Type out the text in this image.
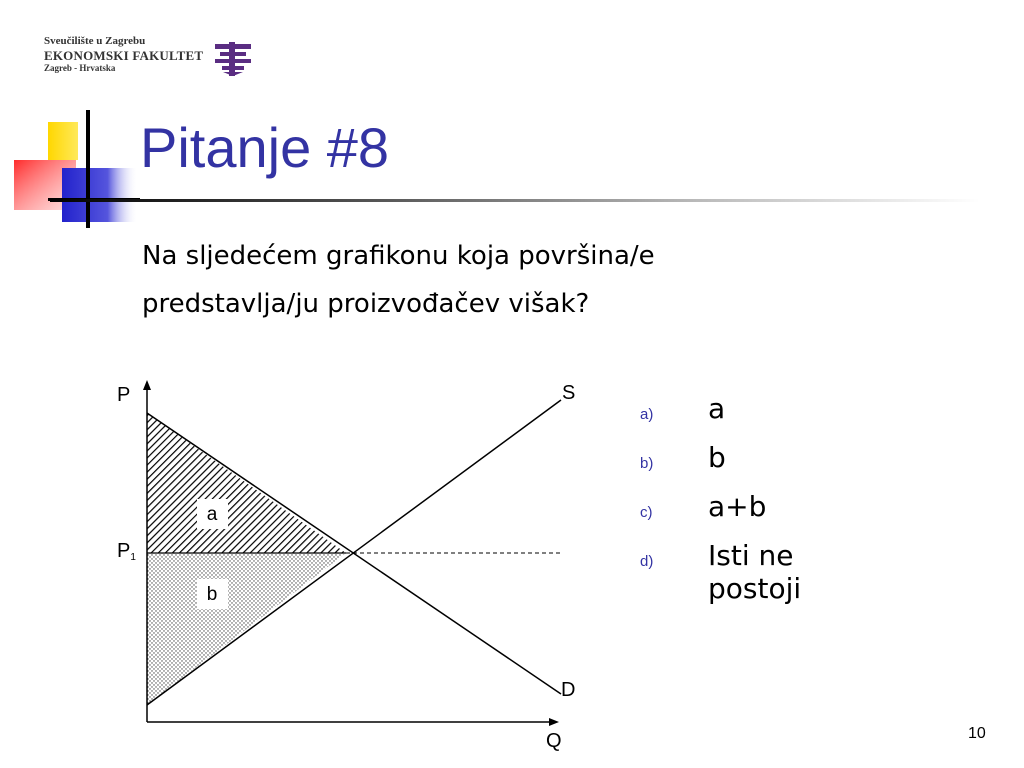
Sveučilište u Zagrebu
EKONOMSKI FAKULTET
Zagreb - Hrvatska
Pitanje #8
Na sljedećem grafikonu koja površina/e
predstavlja/ju proizvođačev višak?
a
b
P
Q
S
D
P1
a) a
b) b
c) a+b
d) Isti ne postoji
10
